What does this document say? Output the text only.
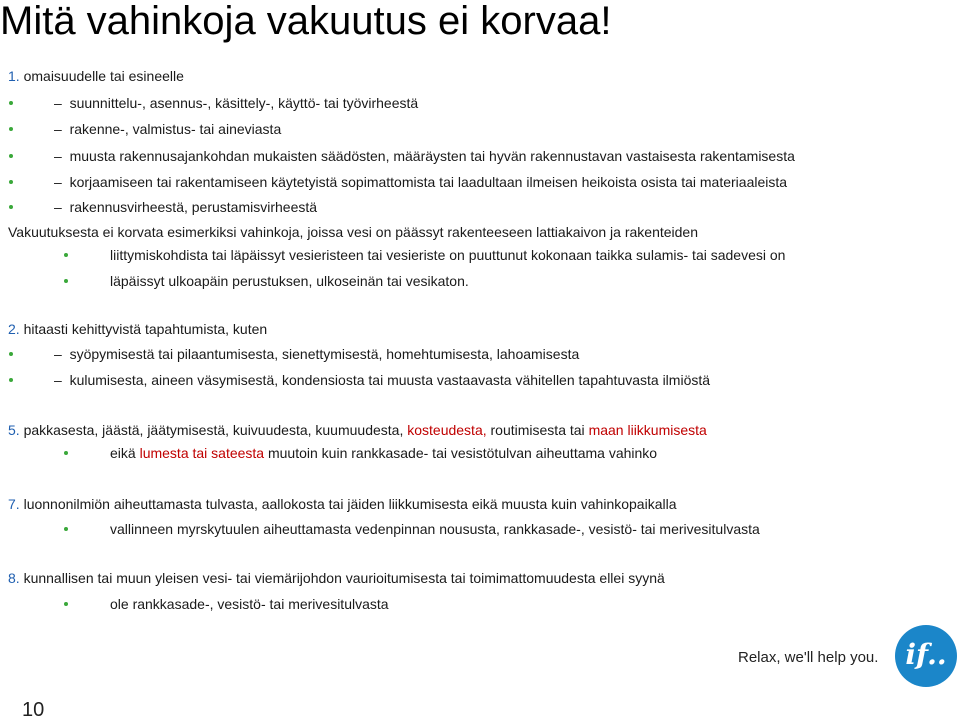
Mitä vahinkoja vakuutus ei korvaa!
1. omaisuudelle tai esineelle
– suunnittelu-, asennus-, käsittely-, käyttö- tai työvirheestä
– rakenne-, valmistus- tai aineviasta
– muusta rakennusajankohdan mukaisten säädösten, määräysten tai hyvän rakennustavan vastaisesta rakentamisesta
– korjaamiseen tai rakentamiseen käytetyistä sopimattomista tai laadultaan ilmeisen heikoista osista tai materiaaleista
– rakennusvirheestä, perustamisvirheestä
Vakuutuksesta ei korvata esimerkiksi vahinkoja, joissa vesi on päässyt rakenteeseen lattiakaivon ja rakenteiden
liittymiskohdista tai läpäissyt vesieristeen tai vesieriste on puuttunut kokonaan taikka sulamis- tai sadevesi on
läpäissyt ulkoapäin perustuksen, ulkoseinän tai vesikaton.
2. hitaasti kehittyvistä tapahtumista, kuten
– syöpymisestä tai pilaantumisesta, sienettymisestä, homehtumisesta, lahoamisesta
– kulumisesta, aineen väsymisestä, kondensiosta tai muusta vastaavasta vähitellen tapahtuvasta ilmiöstä
5. pakkasesta, jäästä, jäätymisestä, kuivuudesta, kuumuudesta, kosteudesta, routimisesta tai maan liikkumisesta
eikä lumesta tai sateesta muutoin kuin rankkasade- tai vesistötulvan aiheuttama vahinko
7. luonnonilmiön aiheuttamasta tulvasta, aallokosta tai jäiden liikkumisesta eikä muusta kuin vahinkopaikalla
vallinneen myrskytuulen aiheuttamasta vedenpinnan noususta, rankkasade-, vesistö- tai merivesitulvasta
8. kunnallisen tai muun yleisen vesi- tai viemärijohdon vaurioitumisesta tai toimimattomuudesta ellei syynä
ole rankkasade-, vesistö- tai merivesitulvasta
Relax, we'll help you. if..
10
